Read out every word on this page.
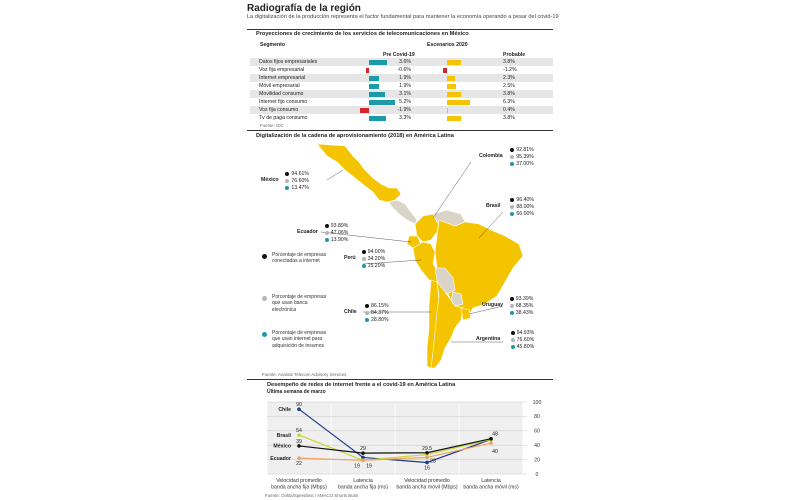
Radiografía de la región
La digitalización de la producción representa el factor fundamental para mantener la economía operando a pesar del covid-19
Proyecciones de crecimiento de los servicios de telecomunicaciones en México
Segmento	Escenarios 2020
Pre Covid-19	Probable
Datos fijos empresariales	3.6%	3.8%
Voz fija empresarial	-0.6%	-1.2%
Internet empresarial	1.9%	2.3%
Móvil empresarial	1.9%	2.5%
Movilidad consumo	3.1%	3.8%
Internet fijo consumo	5.2%	6.3%
Voz fija consumo	-1.9%	0.4%
Tv de paga consumo	3.3%	3.8%
Fuente: IDC
Digitalización de la cadena de aprovisionamiento (2018) en América Latina
México
94.61%
76.60%
13.47%
Colombia
92.81%
95.39%
37.00%
Ecuador
93.89%
47.06%
13.90%
Brasil
96.40%
88.00%
66.00%
Perú
94.00%
34.20%
15.20%
Chile
86.15%
84.37%
28.80%
Uruguay
93.39%
68.35%
38.43%
Argentina
94.93%
76.60%
45.80%
Porcentaje de empresas conectadas a internet
Porcentaje de empresas que usan banca electrónica
Porcentaje de empresas que usan internet para adquisición de insumos
Fuente: Analisis Telecom Advisory Services
Desempeño de redes de internet frente a el covid-19 en América Latina
Última semana de marzo
0
20
40
60
80
100
Velocidad promedio
banda ancha fija (Mbps)
Latencia
banda ancha fija (ms)
Velocidad promedio
banda ancha móvil (Mbps)
Latencia
banda ancha móvil (ms)
Chile
Brasil
México
Ecuador
90
54
39
22
29
19 19
29.5
23
16
48
40
Fuente: Ookla/Speedtest / AMACO Shorts Butin
